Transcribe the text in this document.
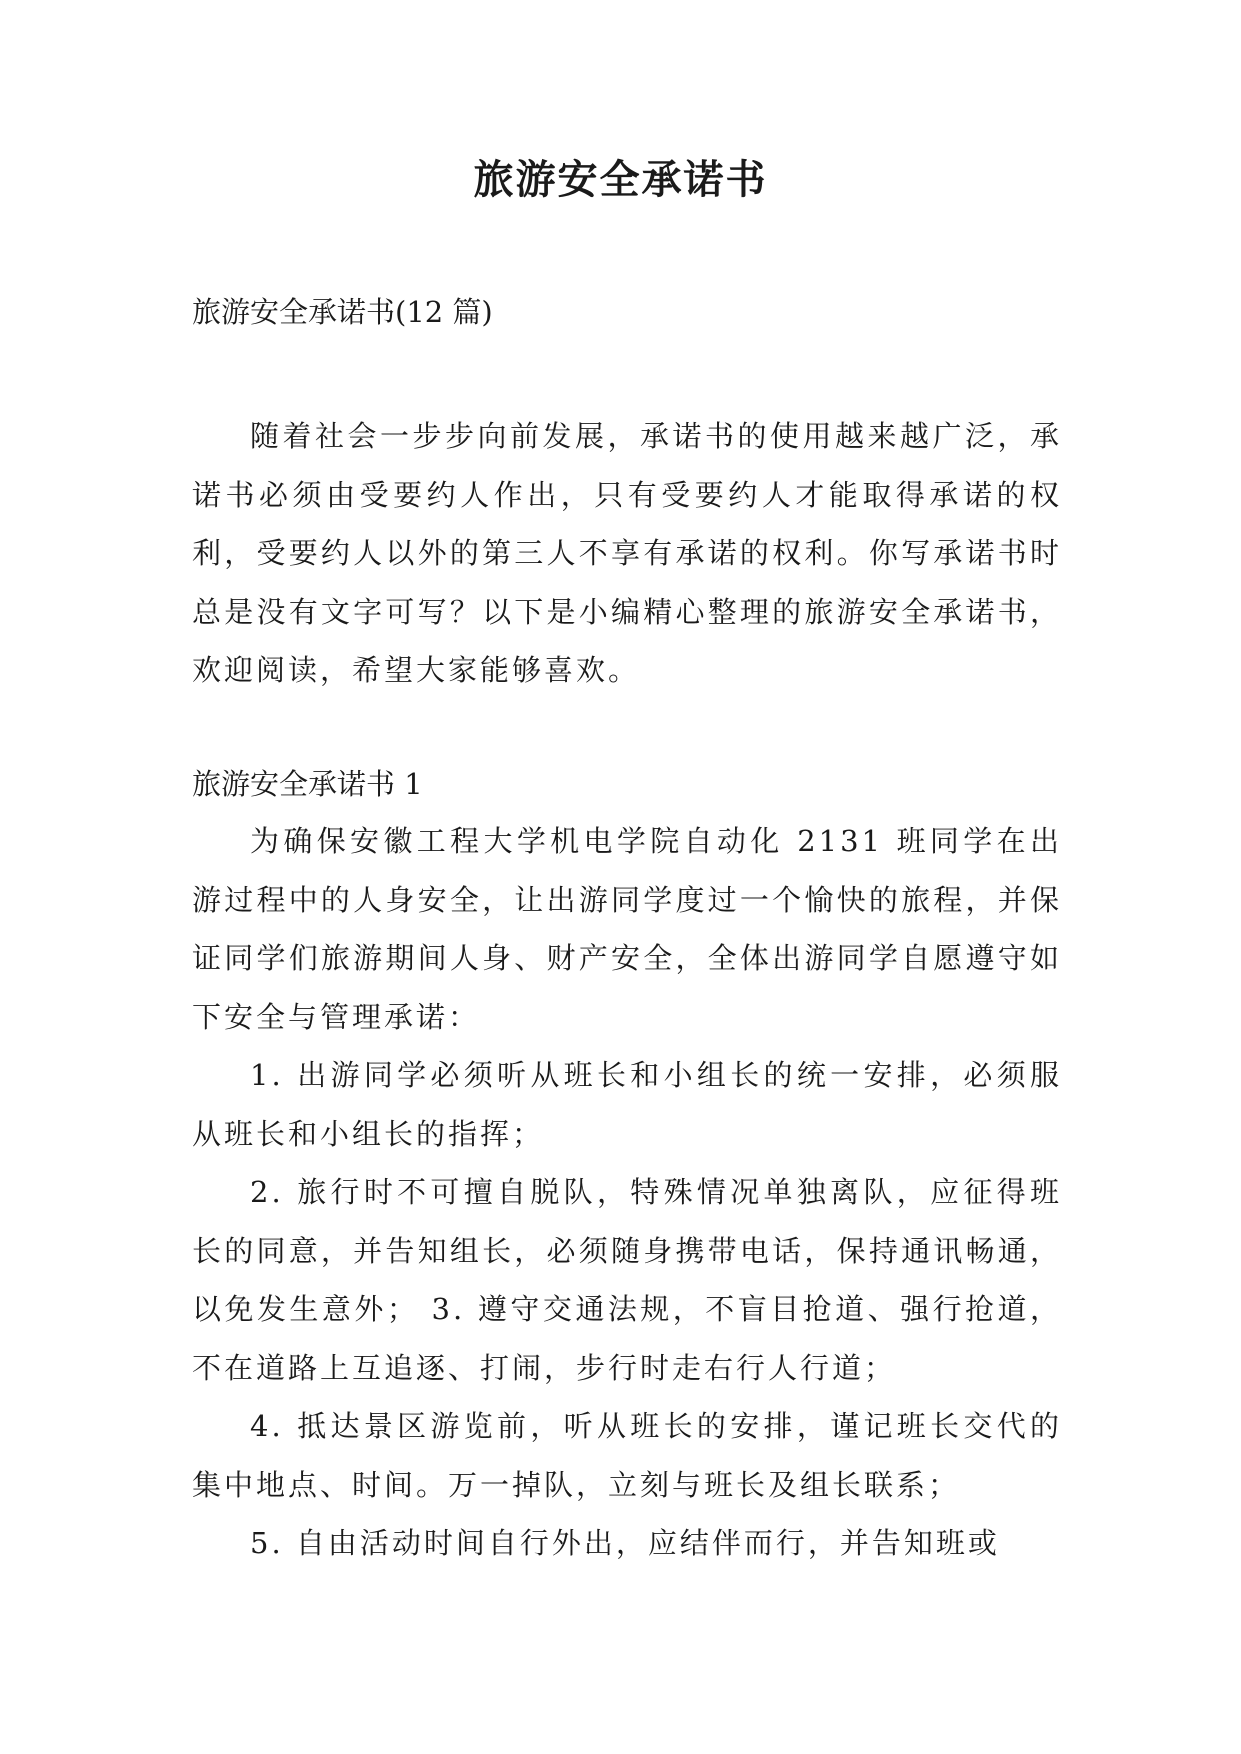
旅游安全承诺书
旅游安全承诺书(12 篇)

随着社会一步步向前发展，承诺书的使用越来越广泛，承诺书必须由受要约人作出，只有受要约人才能取得承诺的权利，受要约人以外的第三人不享有承诺的权利。你写承诺书时总是没有文字可写？以下是小编精心整理的旅游安全承诺书，欢迎阅读，希望大家能够喜欢。

旅游安全承诺书 1

为确保安徽工程大学机电学院自动化 2131 班同学在出游过程中的人身安全，让出游同学度过一个愉快的旅程，并保证同学们旅游期间人身、财产安全，全体出游同学自愿遵守如下安全与管理承诺：

1. 出游同学必须听从班长和小组长的统一安排，必须服从班长和小组长的指挥；

2. 旅行时不可擅自脱队，特殊情况单独离队，应征得班长的同意，并告知组长，必须随身携带电话，保持通讯畅通，以免发生意外； 3. 遵守交通法规，不盲目抢道、强行抢道，不在道路上互追逐、打闹，步行时走右行人行道；

4. 抵达景区游览前，听从班长的安排，谨记班长交代的集中地点、时间。万一掉队，立刻与班长及组长联系；

5. 自由活动时间自行外出，应结伴而行，并告知班或
